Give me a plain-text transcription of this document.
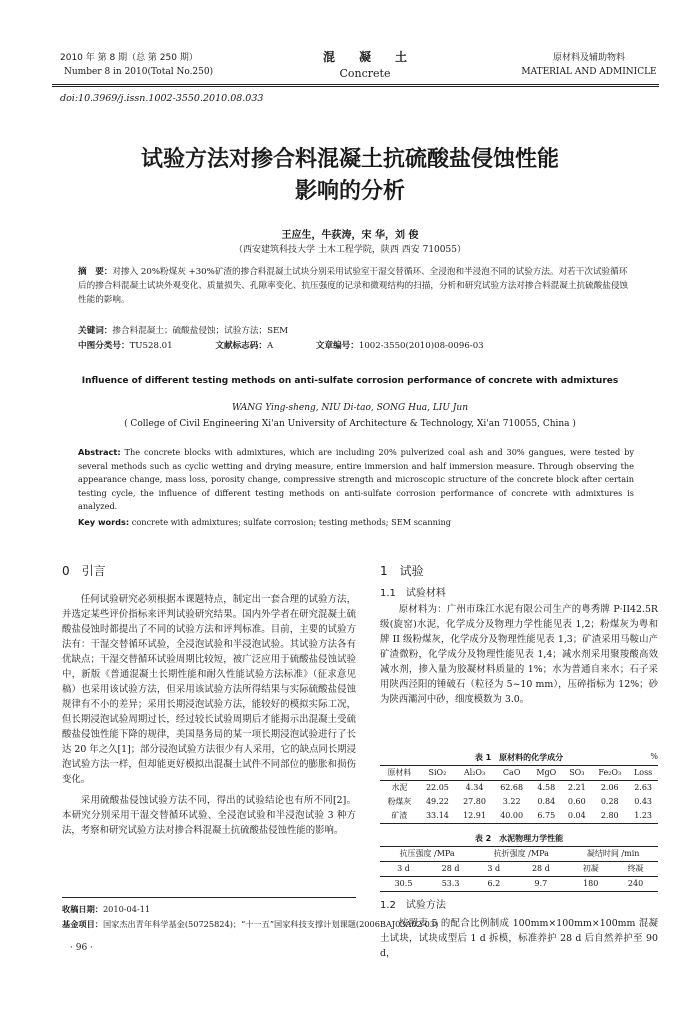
2010 年 第 8 期（总 第 250 期）
Number 8 in 2010(Total No.250)
混　　凝　　土
Concrete
原材料及辅助物料
MATERIAL AND ADMINICLE
doi:10.3969/j.issn.1002-3550.2010.08.033
试验方法对掺合料混凝土抗硫酸盐侵蚀性能
影响的分析
王应生，牛荻涛，宋 华，刘 俊
（西安建筑科技大学 土木工程学院，陕西 西安 710055）
摘　要：对掺入 20%粉煤灰 +30%矿渣的掺合料混凝土试块分别采用试验室干湿交替循环、全浸泡和半浸泡不同的试验方法。对若干次试验循环后的掺合料混凝土试块外观变化、质量损失、孔隙率变化、抗压强度的记录和微观结构的扫描，分析和研究试验方法对掺合料混凝土抗硫酸盐侵蚀性能的影响。
关键词：掺合料混凝土；硫酸盐侵蚀；试验方法；SEM
中图分类号：TU528.01	文献标志码：A	文章编号：1002-3550(2010)08-0096-03
Influence of different testing methods on anti-sulfate corrosion performance of concrete with admixtures
WANG Ying-sheng, NIU Di-tao, SONG Hua, LIU Jun
( College of Civil Engineering Xi'an University of Architecture & Technology, Xi'an 710055, China )
Abstract: The concrete blocks with admixtures, which are including 20% pulverized coal ash and 30% gangues, were tested by several methods such as cyclic wetting and drying measure, entire immersion and half immersion measure. Through observing the appearance change, mass loss, porosity change, compressive strength and microscopic structure of the concrete block after certain testing cycle, the influence of different testing methods on anti-sulfate corrosion performance of concrete with admixtures is analyzed.
Key words: concrete with admixtures; sulfate corrosion; testing methods; SEM scanning
0　引言

任何试验研究必须根据本课题特点，制定出一套合理的试验方法，并选定某些评价指标来评判试验研究结果。国内外学者在研究混凝土硫酸盐侵蚀时都提出了不同的试验方法和评判标准。目前，主要的试验方法有：干湿交替循环试验，全浸泡试验和半浸泡试验。其试验方法各有优缺点；干湿交替循环试验周期比较短，被广泛应用于硫酸盐侵蚀试验中，新版《普通混凝土长期性能和耐久性能试验方法标准》（征求意见稿）也采用该试验方法，但采用该试验方法所得结果与实际硫酸盐侵蚀规律有不小的差异；采用长期浸泡试验方法，能较好的模拟实际工况，但长期浸泡试验周期过长，经过较长试验周期后才能揭示出混凝土受硫酸盐侵蚀性能下降的规律，美国垦务局的某一项长期浸泡试验进行了长达 20 年之久[1]；部分浸泡试验方法很少有人采用，它的缺点同长期浸泡试验方法一样，但却能更好模拟出混凝土试件不同部位的膨胀和损伤变化。

采用硫酸盐侵蚀试验方法不同，得出的试验结论也有所不同[2]。本研究分别采用干湿交替循环试验、全浸泡试验和半浸泡试验 3 种方法，考察和研究试验方法对掺合料混凝土抗硫酸盐侵蚀性能的影响。

收稿日期：2010-04-11
基金项目：国家杰出青年科学基金(50725824)；“十一五”国家科技支撑计划课题(2006BAJ03A02-03)
· 96 ·
1　试验
1.1　试验材料

原材料为：广州市珠江水泥有限公司生产的粤秀牌 P·II42.5R 级(旋窑)水泥，化学成分及物理力学性能见表 1,2；粉煤灰为粤和牌 II 级粉煤灰，化学成分及物理性能见表 1,3；矿渣采用马鞍山产矿渣微粉，化学成分及物理性能见表 1,4；减水剂采用聚羧酸高效减水剂，掺入量为胶凝材料质量的 1%；水为普通自来水；石子采用陕西泾阳的锤破石（粒径为 5~10 mm），压碎指标为 12%；砂为陕西灞河中砂，细度模数为 3.0。

表 1　原材料的化学成分	%
原材料	SiO₂	Al₂O₃	CaO	MgO	SO₃	Fe₂O₃	Loss
水泥	22.05	4.34	62.68	4.58	2.21	2.06	2.63
粉煤灰	49.22	27.80	3.22	0.84	0.60	0.28	0.43
矿渣	33.14	12.91	40.00	6.75	0.04	2.80	1.23
表 2　水泥物理力学性能
抗压强度 /MPa		抗折强度 /MPa		凝结时间 /min	
3 d	28 d	3 d	28 d	初凝	终凝
30.5	53.3	6.2	9.7	180	240
1.2　试验方法

按照表 5 的配合比例制成 100mm×100mm×100mm 混凝土试块，试块成型后 1 d 拆模，标准养护 28 d 后自然养护至 90 d，
